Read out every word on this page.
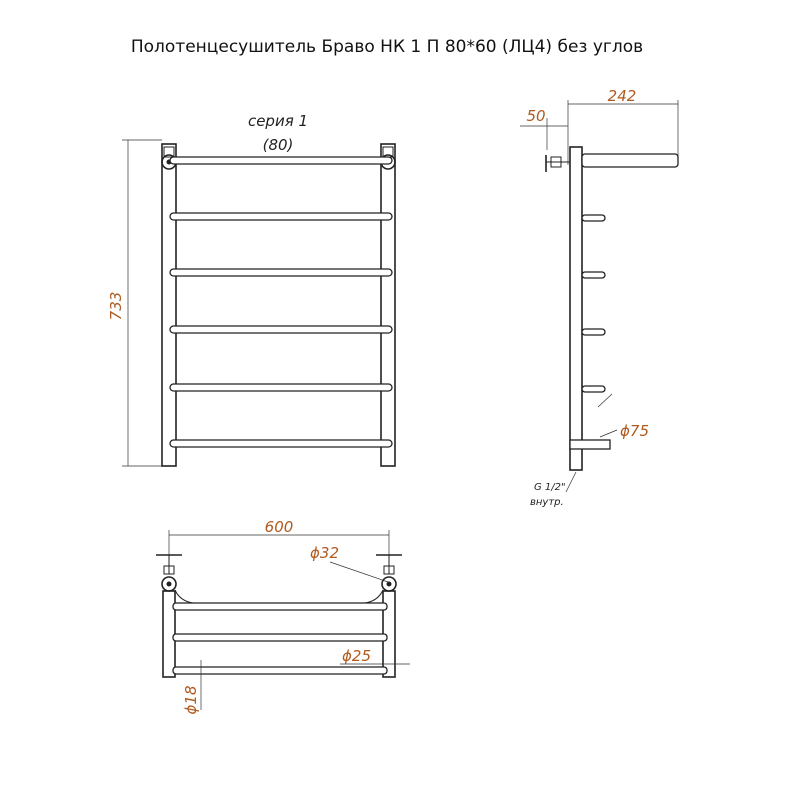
Полотенцесушитель Браво НК 1 П 80*60 (ЛЦ4) без углов
серия 1
(80)
733
242
50
ϕ75
G 1/2"
внутр.
600
ϕ32
ϕ25
ϕ18
